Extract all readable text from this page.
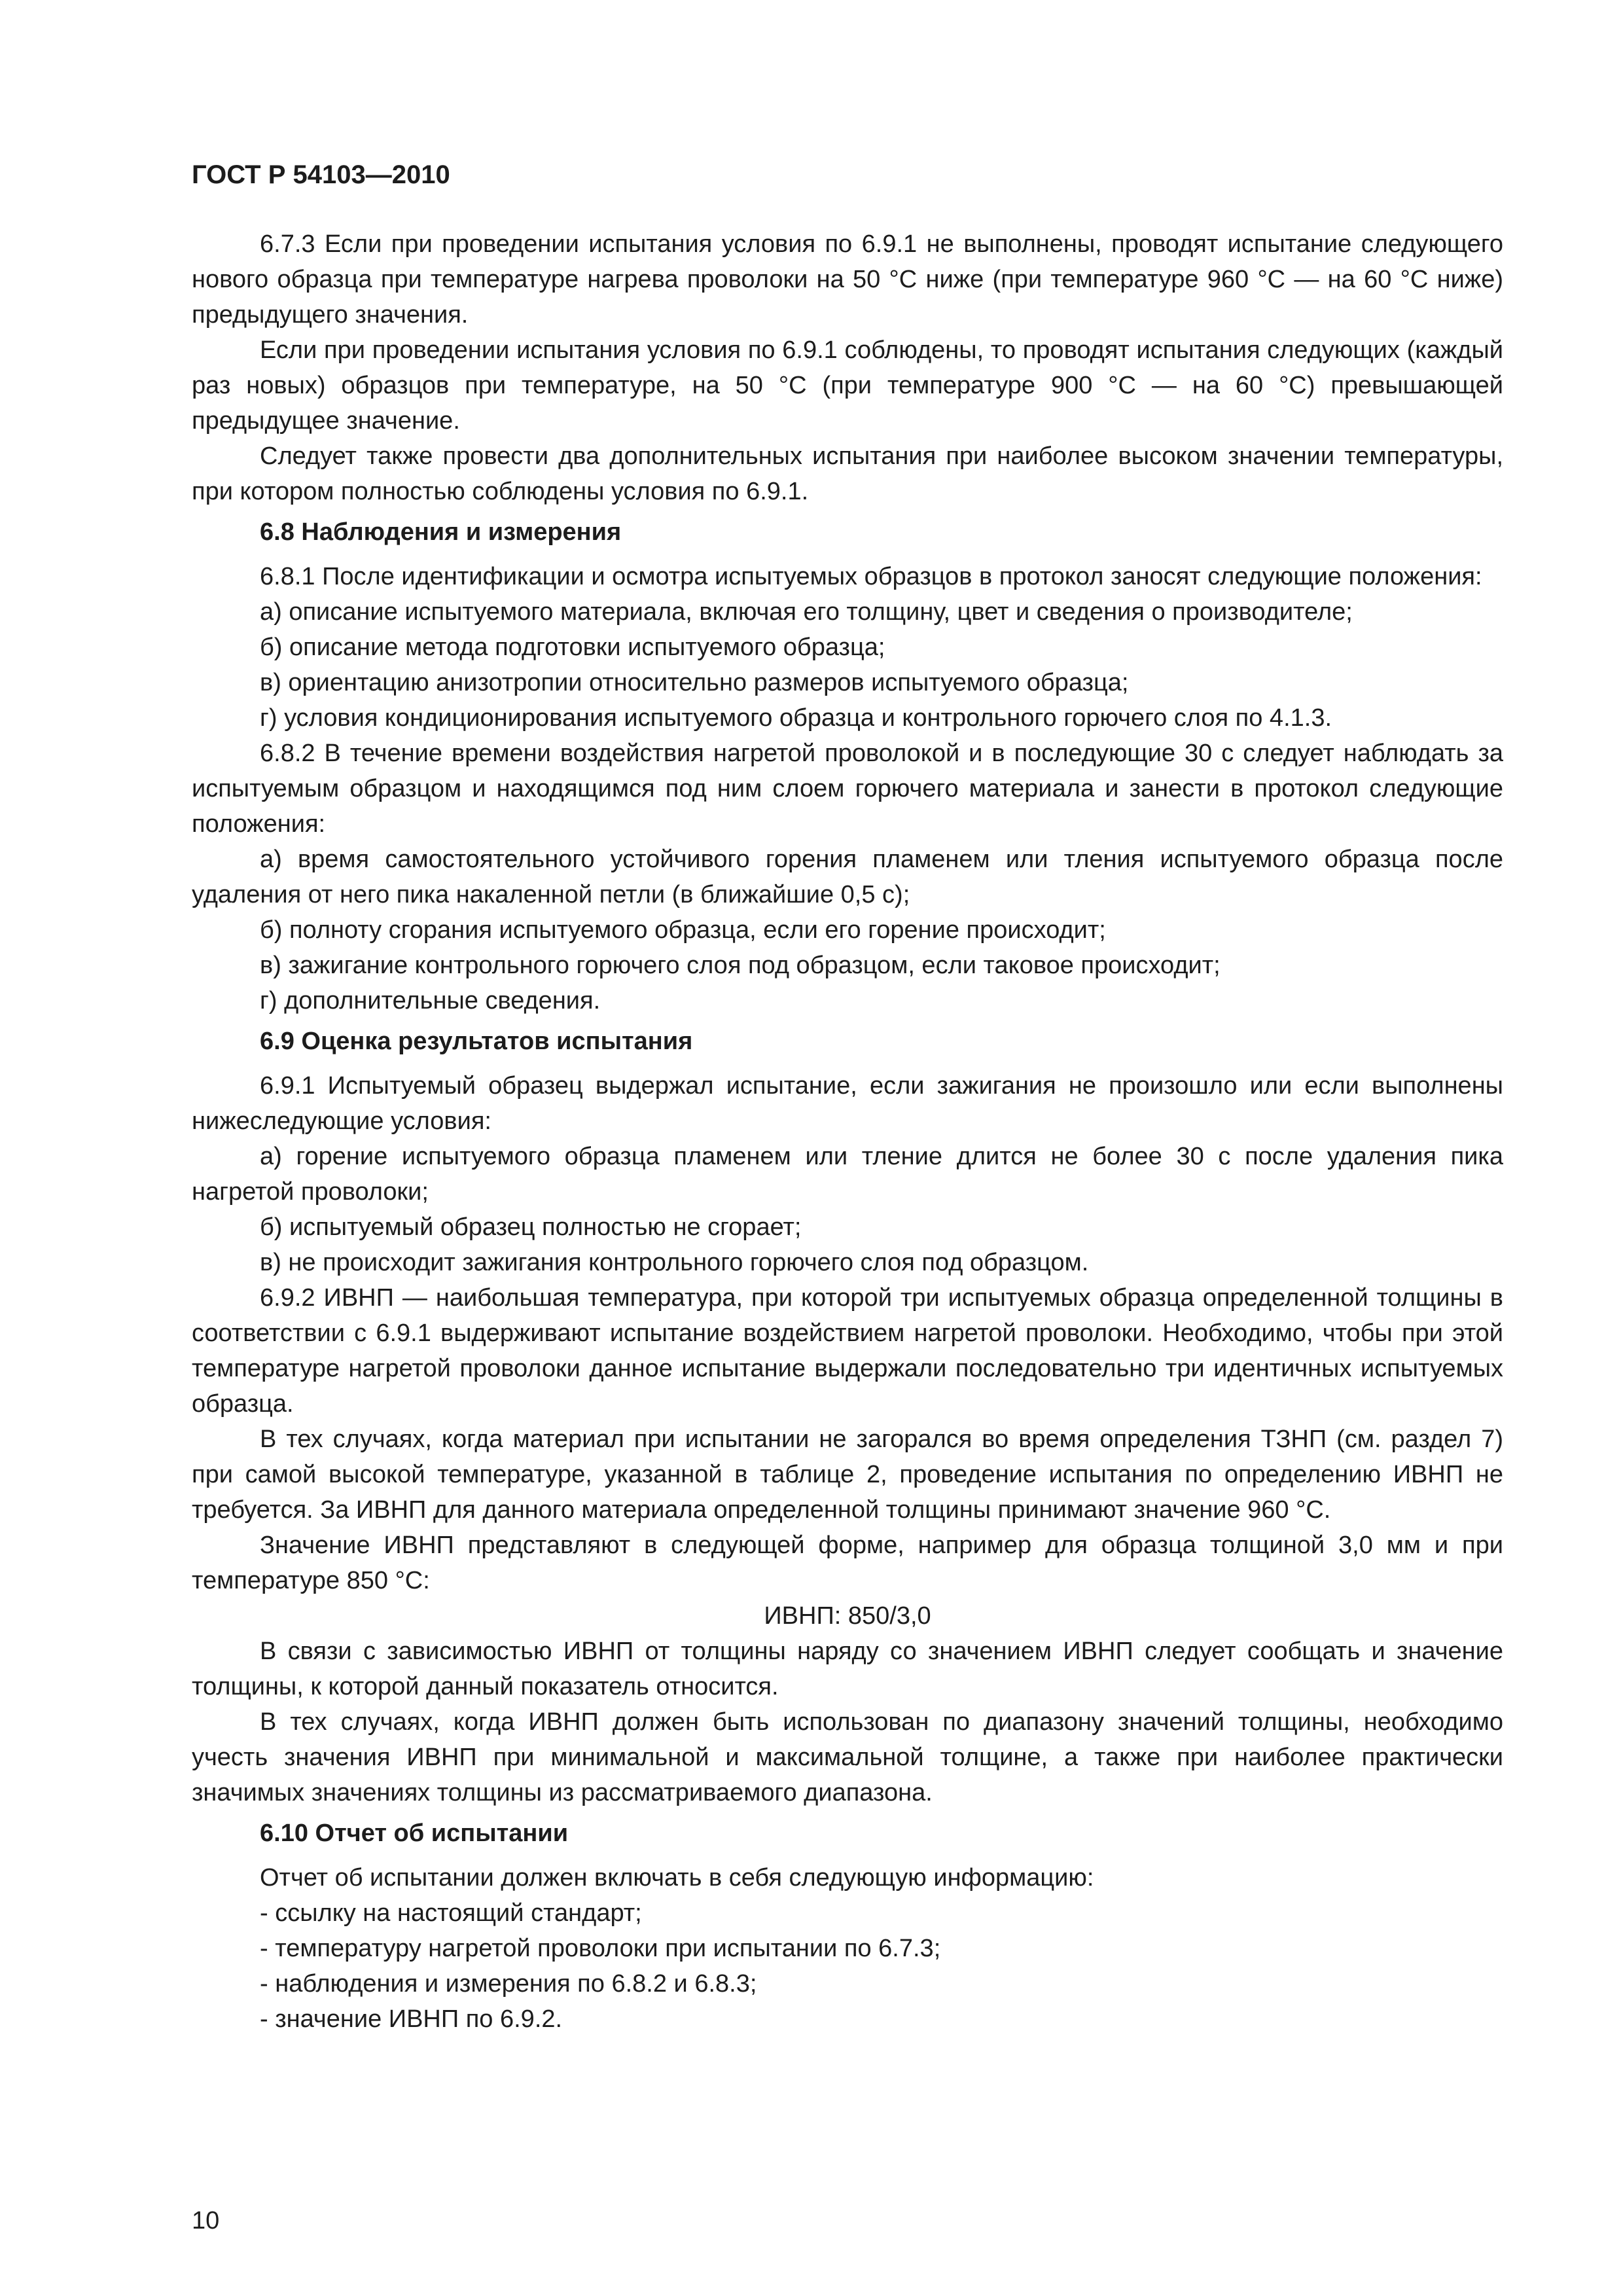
ГОСТ Р 54103—2010

6.7.3 Если при проведении испытания условия по 6.9.1 не выполнены, проводят испытание следующего нового образца при температуре нагрева проволоки на 50 °С ниже (при температуре 960 °С — на 60 °С ниже) предыдущего значения.

Если при проведении испытания условия по 6.9.1 соблюдены, то проводят испытания следующих (каждый раз новых) образцов при температуре, на 50 °С (при температуре 900 °С — на 60 °С) превышающей предыдущее значение.

Следует также провести два дополнительных испытания при наиболее высоком значении температуры, при котором полностью соблюдены условия по 6.9.1.

6.8 Наблюдения и измерения

6.8.1 После идентификации и осмотра испытуемых образцов в протокол заносят следующие положения:

а) описание испытуемого материала, включая его толщину, цвет и сведения о производителе;

б) описание метода подготовки испытуемого образца;

в) ориентацию анизотропии относительно размеров испытуемого образца;

г) условия кондиционирования испытуемого образца и контрольного горючего слоя по 4.1.3.

6.8.2 В течение времени воздействия нагретой проволокой и в последующие 30 с следует наблюдать за испытуемым образцом и находящимся под ним слоем горючего материала и занести в протокол следующие положения:

а) время самостоятельного устойчивого горения пламенем или тления испытуемого образца после удаления от него пика накаленной петли (в ближайшие 0,5 с);

б) полноту сгорания испытуемого образца, если его горение происходит;

в) зажигание контрольного горючего слоя под образцом, если таковое происходит;

г) дополнительные сведения.

6.9 Оценка результатов испытания

6.9.1 Испытуемый образец выдержал испытание, если зажигания не произошло или если выполнены нижеследующие условия:

а) горение испытуемого образца пламенем или тление длится не более 30 с после удаления пика нагретой проволоки;

б) испытуемый образец полностью не сгорает;

в) не происходит зажигания контрольного горючего слоя под образцом.

6.9.2 ИВНП — наибольшая температура, при которой три испытуемых образца определенной толщины в соответствии с 6.9.1 выдерживают испытание воздействием нагретой проволоки. Необходимо, чтобы при этой температуре нагретой проволоки данное испытание выдержали последовательно три идентичных испытуемых образца.

В тех случаях, когда материал при испытании не загорался во время определения ТЗНП (см. раздел 7) при самой высокой температуре, указанной в таблице 2, проведение испытания по определению ИВНП не требуется. За ИВНП для данного материала определенной толщины принимают значение 960 °С.

Значение ИВНП представляют в следующей форме, например для образца толщиной 3,0 мм и при температуре 850 °С:

ИВНП: 850/3,0

В связи с зависимостью ИВНП от толщины наряду со значением ИВНП следует сообщать и значение толщины, к которой данный показатель относится.

В тех случаях, когда ИВНП должен быть использован по диапазону значений толщины, необходимо учесть значения ИВНП при минимальной и максимальной толщине, а также при наиболее практически значимых значениях толщины из рассматриваемого диапазона.

6.10 Отчет об испытании

Отчет об испытании должен включать в себя следующую информацию:

- ссылку на настоящий стандарт;

- температуру нагретой проволоки при испытании по 6.7.3;

- наблюдения и измерения по 6.8.2 и 6.8.3;

- значение ИВНП по 6.9.2.

10
